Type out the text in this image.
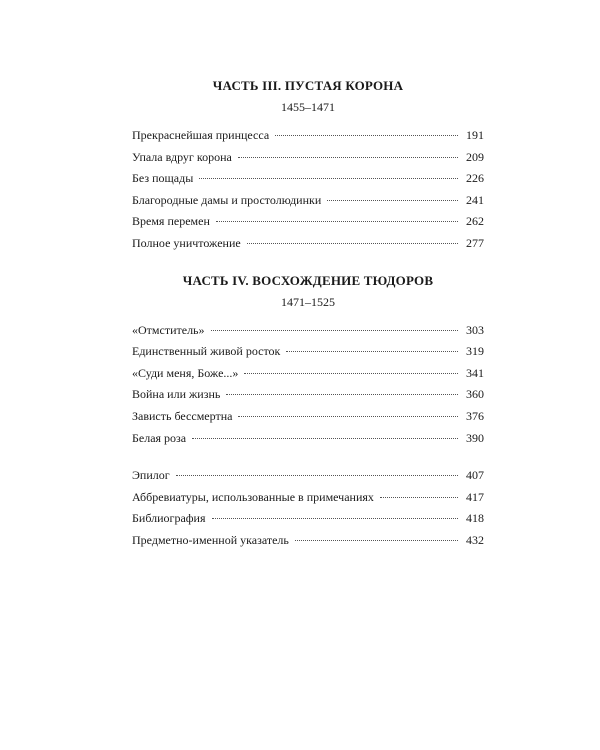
ЧАСТЬ III. ПУСТАЯ КОРОНА
1455–1471
Прекраснейшая принцесса	191
Упала вдруг корона	209
Без пощады	226
Благородные дамы и простолюдинки	241
Время перемен	262
Полное уничтожение	277
ЧАСТЬ IV. ВОСХОЖДЕНИЕ ТЮДОРОВ
1471–1525
«Отмститель»	303
Единственный живой росток	319
«Суди меня, Боже...»	341
Война или жизнь	360
Зависть бессмертна	376
Белая роза	390
Эпилог	407
Аббревиатуры, использованные в примечаниях	417
Библиография	418
Предметно-именной указатель	432
